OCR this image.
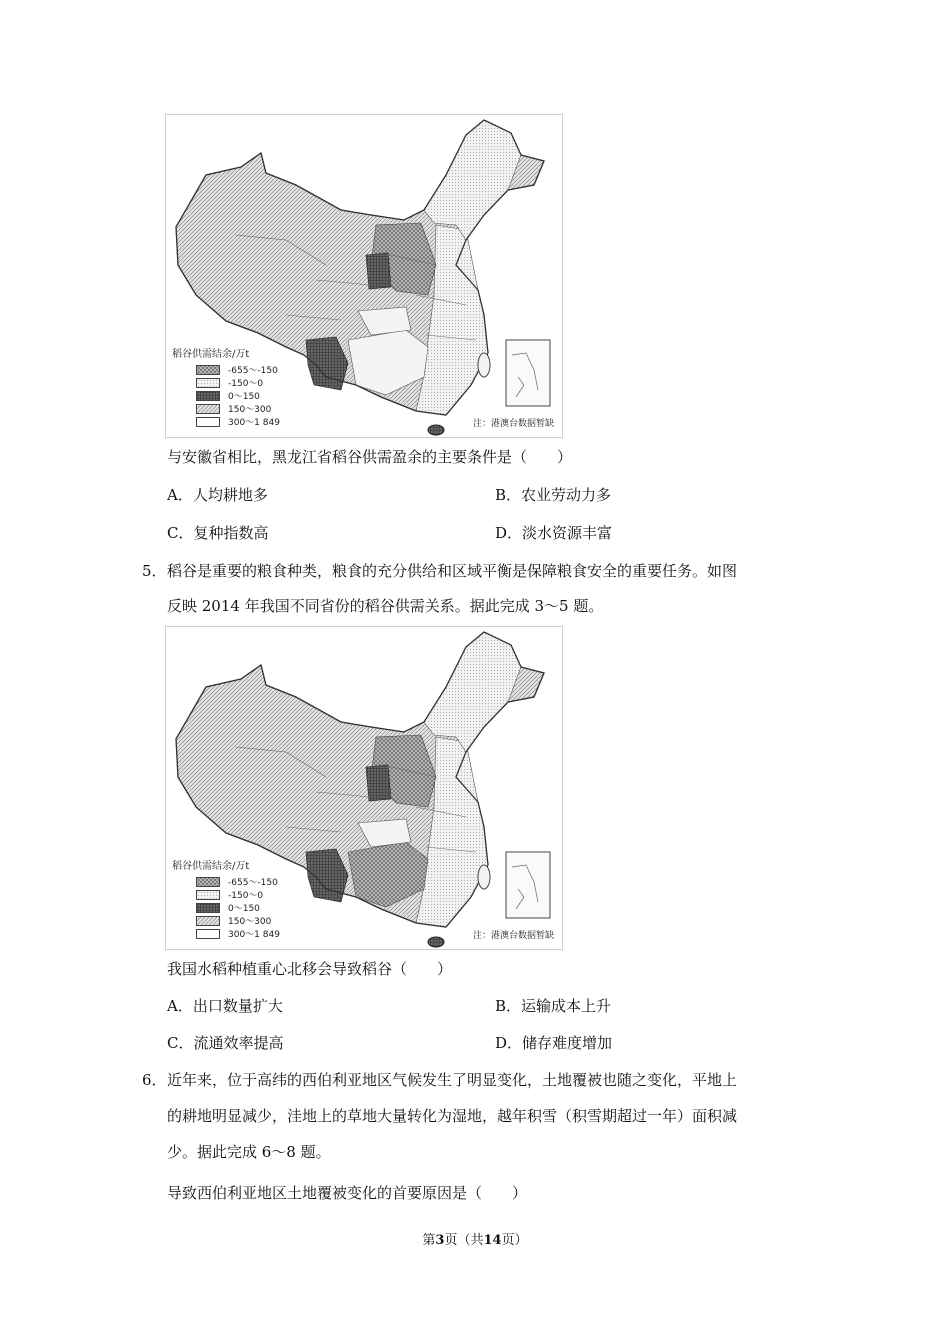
稻谷供需结余/万t
-655～-150
-150～0
0～150
150～300
300～1 849	注：港澳台数据暂缺
与安徽省相比，黑龙江省稻谷供需盈余的主要条件是（　　）
A．人均耕地多	B．农业劳动力多
C．复种指数高	D．淡水资源丰富
5． 稻谷是重要的粮食种类，粮食的充分供给和区域平衡是保障粮食安全的重要任务。如图
反映 2014 年我国不同省份的稻谷供需关系。据此完成 3～5 题。
稻谷供需结余/万t
-655～-150
-150～0
0～150
150～300
300～1 849	注：港澳台数据暂缺
我国水稻种植重心北移会导致稻谷（　　）
A．出口数量扩大	B．运输成本上升
C．流通效率提高	D．储存难度增加
6． 近年来，位于高纬的西伯利亚地区气候发生了明显变化，土地覆被也随之变化，平地上
的耕地明显减少，洼地上的草地大量转化为湿地，越年积雪（积雪期超过一年）面积减
少。据此完成 6～8 题。
导致西伯利亚地区土地覆被变化的首要原因是（　　）
第3页（共14页）
